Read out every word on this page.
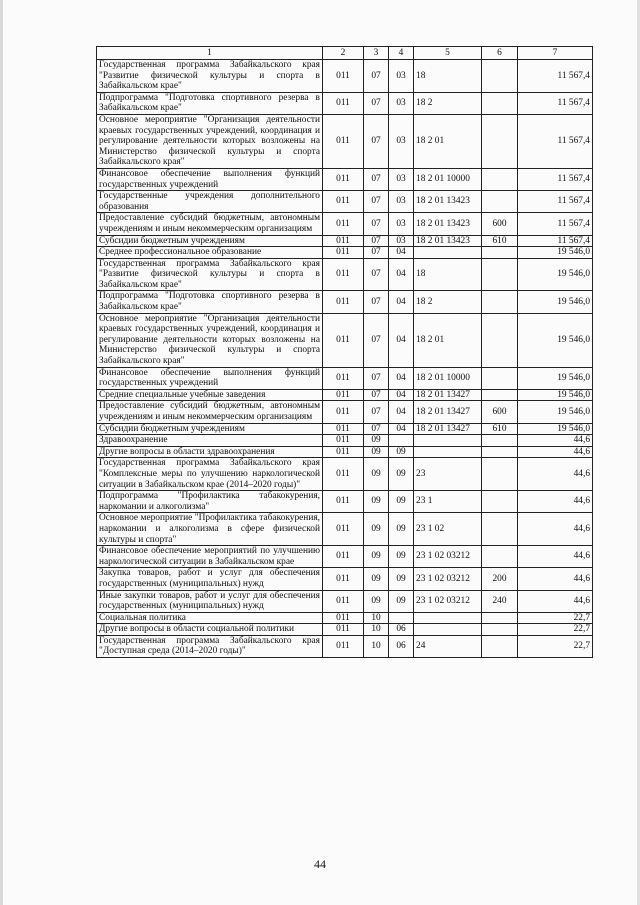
1	2	3	4	5	6	7
Государственная программа Забайкальского края "Развитие физической культуры и спорта в Забайкальском крае"	011	07	03	18		11 567,4
Подпрограмма "Подготовка спортивного резерва в Забайкальском крае"	011	07	03	18 2		11 567,4
Основное мероприятие "Организация деятельности краевых государственных учреждений, координация и регулирование деятельности которых возложены на Министерство физической культуры и спорта Забайкальского края"	011	07	03	18 2 01		11 567,4
Финансовое обеспечение выполнения функций государственных учреждений	011	07	03	18 2 01 10000		11 567,4
Государственные учреждения дополнительного образования	011	07	03	18 2 01 13423		11 567,4
Предоставление субсидий бюджетным, автономным учреждениям и иным некоммерческим организациям	011	07	03	18 2 01 13423	600	11 567,4
Субсидии бюджетным учреждениям	011	07	03	18 2 01 13423	610	11 567,4
Среднее профессиональное образование	011	07	04			19 546,0
Государственная программа Забайкальского края "Развитие физической культуры и спорта в Забайкальском крае"	011	07	04	18		19 546,0
Подпрограмма "Подготовка спортивного резерва в Забайкальском крае"	011	07	04	18 2		19 546,0
Основное мероприятие "Организация деятельности краевых государственных учреждений, координация и регулирование деятельности которых возложены на Министерство физической культуры и спорта Забайкальского края"	011	07	04	18 2 01		19 546,0
Финансовое обеспечение выполнения функций государственных учреждений	011	07	04	18 2 01 10000		19 546,0
Средние специальные учебные заведения	011	07	04	18 2 01 13427		19 546,0
Предоставление субсидий бюджетным, автономным учреждениям и иным некоммерческим организациям	011	07	04	18 2 01 13427	600	19 546,0
Субсидии бюджетным учреждениям	011	07	04	18 2 01 13427	610	19 546,0
Здравоохранение	011	09				44,6
Другие вопросы в области здравоохранения	011	09	09			44,6
Государственная программа Забайкальского края "Комплексные меры по улучшению наркологической ситуации в Забайкальском крае (2014–2020 годы)"	011	09	09	23		44,6
Подпрограмма "Профилактика табакокурения, наркомании и алкоголизма"	011	09	09	23 1		44,6
Основное мероприятие "Профилактика табакокурения, наркомании и алкоголизма в сфере физической культуры и спорта"	011	09	09	23 1 02		44,6
Финансовое обеспечение мероприятий по улучшению наркологической ситуации в Забайкальском крае	011	09	09	23 1 02 03212		44,6
Закупка товаров, работ и услуг для обеспечения государственных (муниципальных) нужд	011	09	09	23 1 02 03212	200	44,6
Иные закупки товаров, работ и услуг для обеспечения государственных (муниципальных) нужд	011	09	09	23 1 02 03212	240	44,6
Социальная политика	011	10				22,7
Другие вопросы в области социальной политики	011	10	06			22,7
Государственная программа Забайкальского края "Доступная среда (2014–2020 годы)"	011	10	06	24		22,7
44
